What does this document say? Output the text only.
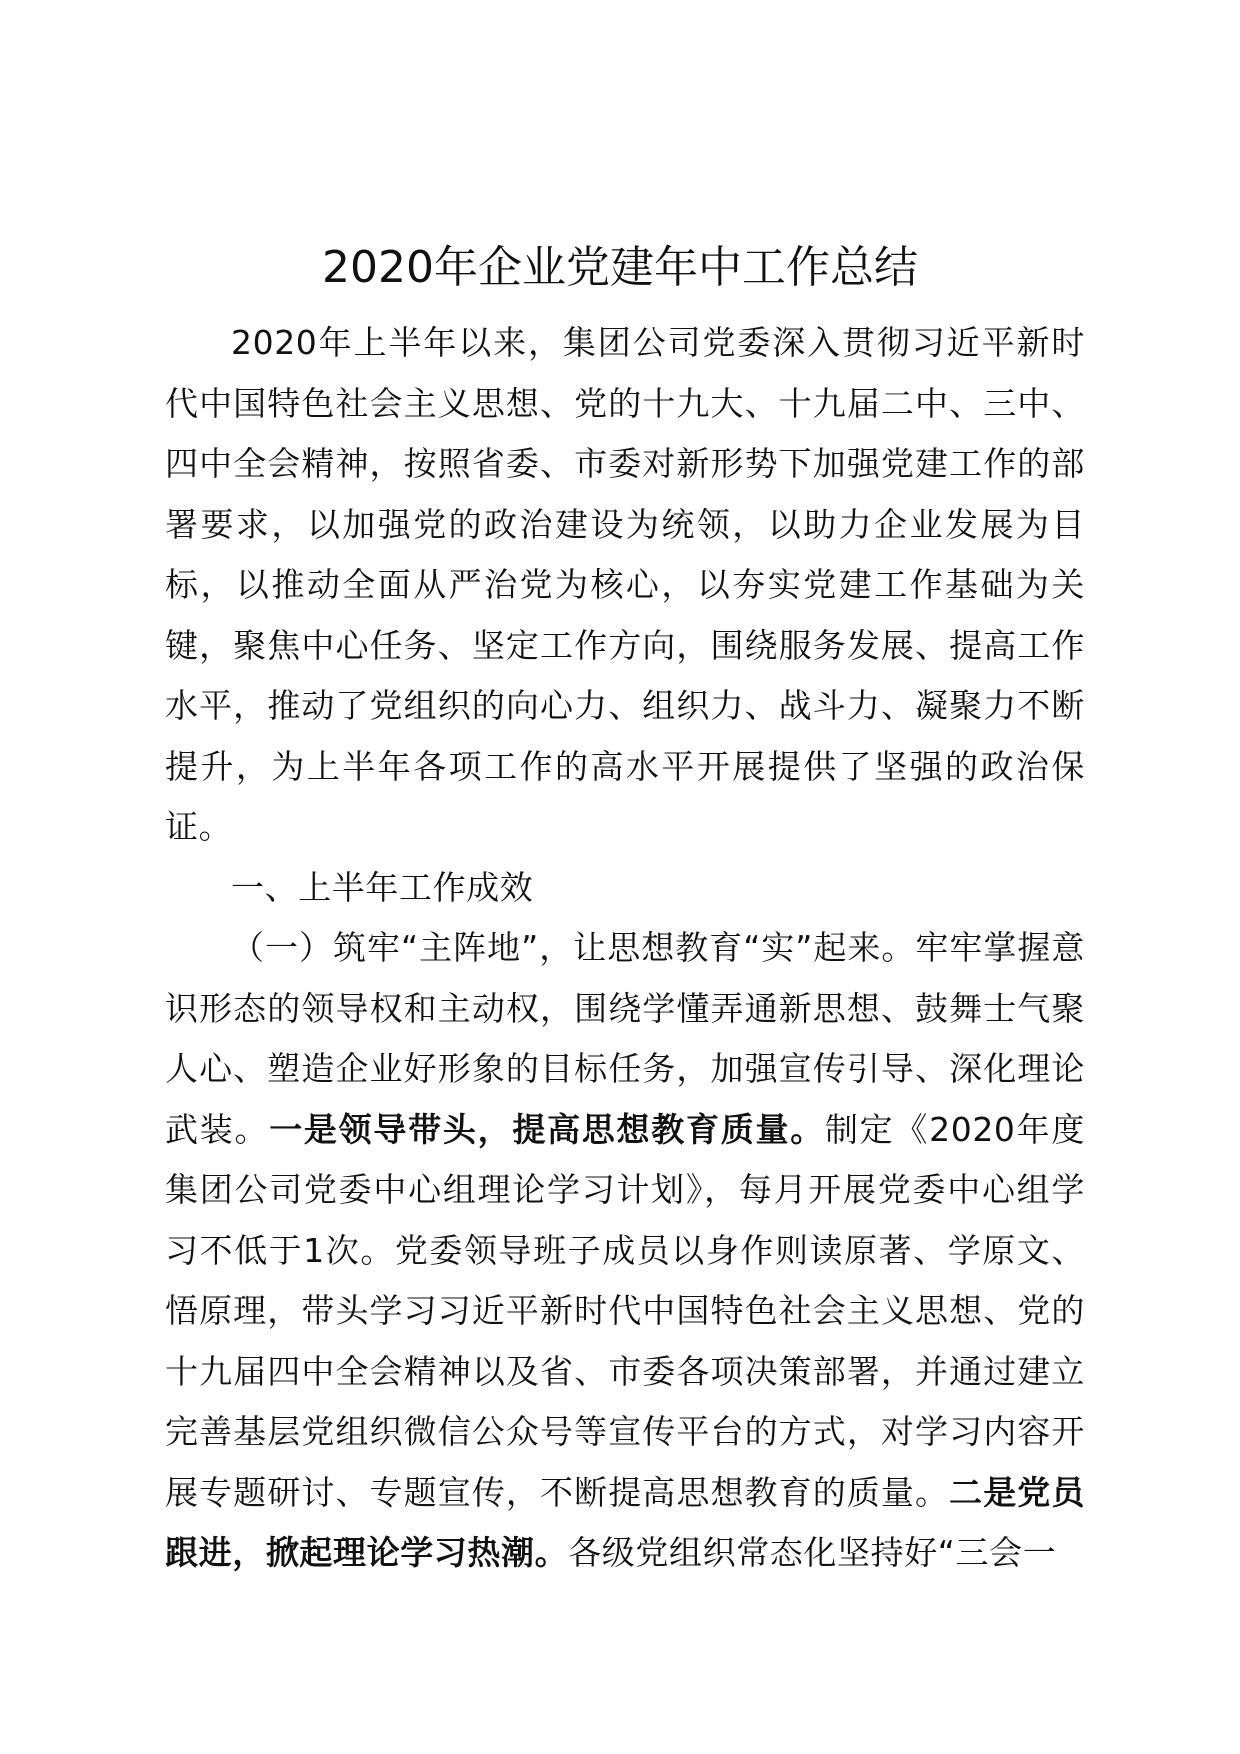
2020年企业党建年中工作总结

2020年上半年以来，集团公司党委深入贯彻习近平新时代中国特色社会主义思想、党的十九大、十九届二中、三中、四中全会精神，按照省委、市委对新形势下加强党建工作的部署要求，以加强党的政治建设为统领，以助力企业发展为目标，以推动全面从严治党为核心，以夯实党建工作基础为关键，聚焦中心任务、坚定工作方向，围绕服务发展、提高工作水平，推动了党组织的向心力、组织力、战斗力、凝聚力不断提升，为上半年各项工作的高水平开展提供了坚强的政治保证。

一、上半年工作成效

（一）筑牢“主阵地”，让思想教育“实”起来。牢牢掌握意识形态的领导权和主动权，围绕学懂弄通新思想、鼓舞士气聚人心、塑造企业好形象的目标任务，加强宣传引导、深化理论武装。一是领导带头，提高思想教育质量。制定《2020年度集团公司党委中心组理论学习计划》，每月开展党委中心组学习不低于1次。党委领导班子成员以身作则读原著、学原文、悟原理，带头学习习近平新时代中国特色社会主义思想、党的十九届四中全会精神以及省、市委各项决策部署，并通过建立完善基层党组织微信公众号等宣传平台的方式，对学习内容开展专题研讨、专题宣传，不断提高思想教育的质量。二是党员跟进，掀起理论学习热潮。各级党组织常态化坚持好“三会一
